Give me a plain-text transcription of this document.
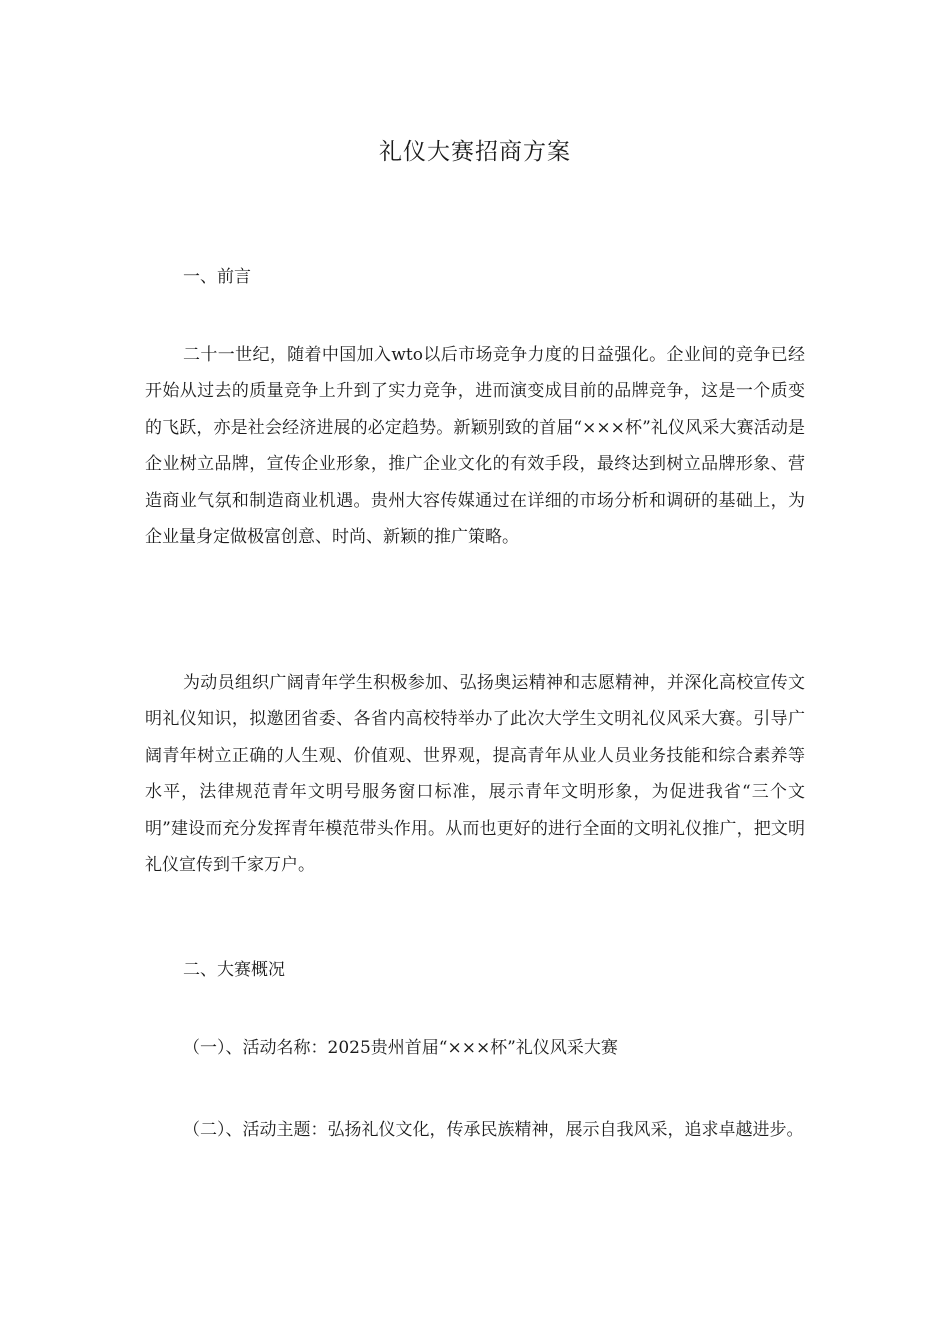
礼仪大赛招商方案
一、前言
二十一世纪，随着中国加入wto以后市场竞争力度的日益强化。企业间的竞争已经开始从过去的质量竞争上升到了实力竞争，进而演变成目前的品牌竞争，这是一个质变的飞跃，亦是社会经济进展的必定趋势。新颖别致的首届“×××杯”礼仪风采大赛活动是企业树立品牌，宣传企业形象，推广企业文化的有效手段，最终达到树立品牌形象、营造商业气氛和制造商业机遇。贵州大容传媒通过在详细的市场分析和调研的基础上，为企业量身定做极富创意、时尚、新颖的推广策略。
为动员组织广阔青年学生积极参加、弘扬奥运精神和志愿精神，并深化高校宣传文明礼仪知识，拟邀团省委、各省内高校特举办了此次大学生文明礼仪风采大赛。引导广阔青年树立正确的人生观、价值观、世界观，提高青年从业人员业务技能和综合素养等水平，法律规范青年文明号服务窗口标准，展示青年文明形象，为促进我省“三个文明”建设而充分发挥青年模范带头作用。从而也更好的进行全面的文明礼仪推广，把文明礼仪宣传到千家万户。
二、大赛概况
（一）、活动名称：2025贵州首届“×××杯”礼仪风采大赛
（二）、活动主题：弘扬礼仪文化，传承民族精神，展示自我风采，追求卓越进步。
